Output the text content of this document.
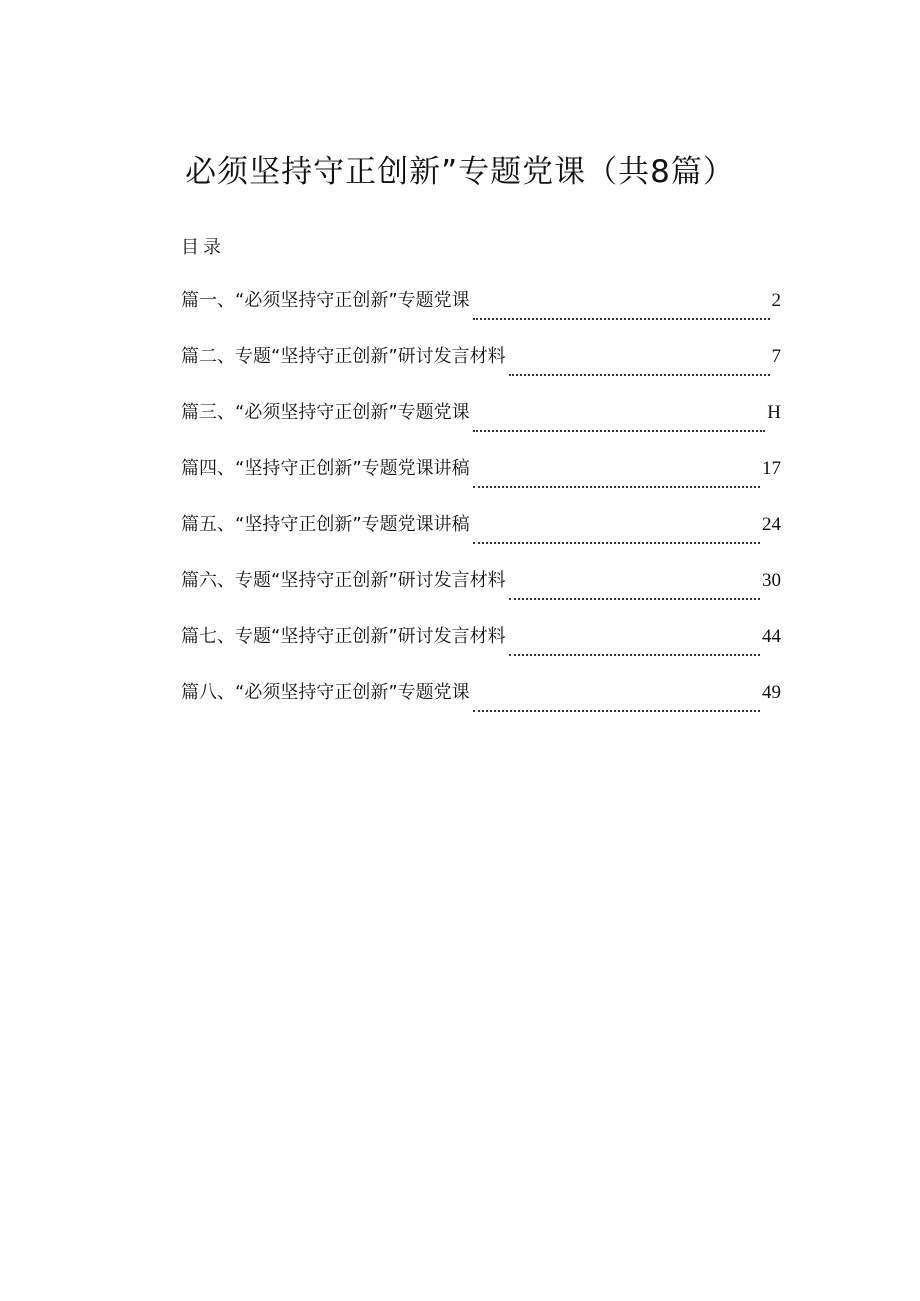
必须坚持守正创新”专题党课（共8篇）
目录
篇一、“必须坚持守正创新”专题党课	2
篇二、专题“坚持守正创新”研讨发言材料	7
篇三、“必须坚持守正创新”专题党课	H
篇四、“坚持守正创新”专题党课讲稿	17
篇五、“坚持守正创新”专题党课讲稿	24
篇六、专题“坚持守正创新”研讨发言材料	30
篇七、专题“坚持守正创新”研讨发言材料	44
篇八、“必须坚持守正创新”专题党课	49
